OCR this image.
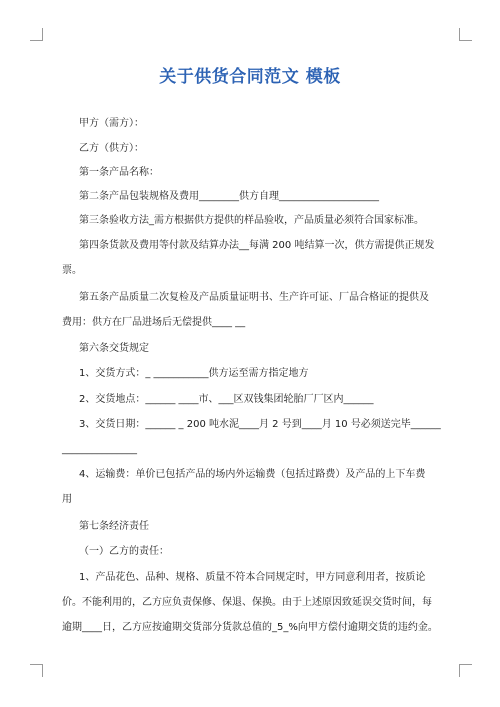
关于供货合同范文 模板
甲方（需方）：
乙方（供方）：
第一条产品名称：
第二条产品包装规格及费用________供方自理____________________
第三条验收方法_需方根据供方提供的样品验收，产品质量必须符合国家标准。
第四条货款及费用等付款及结算办法__每满 200 吨结算一次，供方需提供正规发
票。
第五条产品质量二次复检及产品质量证明书、生产许可证、厂品合格证的提供及
费用：供方在厂品进场后无偿提供____ __
第六条交货规定
1、交货方式：_ ___________供方运至需方指定地方
2、交货地点：______ ____市、___区双钱集团轮胎厂厂区内______
3、交货日期：______ _ 200 吨水泥____月 2 号到____月 10 号必须送完毕______
_______________
4、运输费：单价已包括产品的场内外运输费（包括过路费）及产品的上下车费
用
第七条经济责任
（一）乙方的责任：
1、产品花色、品种、规格、质量不符本合同规定时，甲方同意利用者，按质论
价。不能利用的，乙方应负责保修、保退、保换。由于上述原因致延误交货时间，每
逾期____日，乙方应按逾期交货部分货款总值的_5_%向甲方偿付逾期交货的违约金。
